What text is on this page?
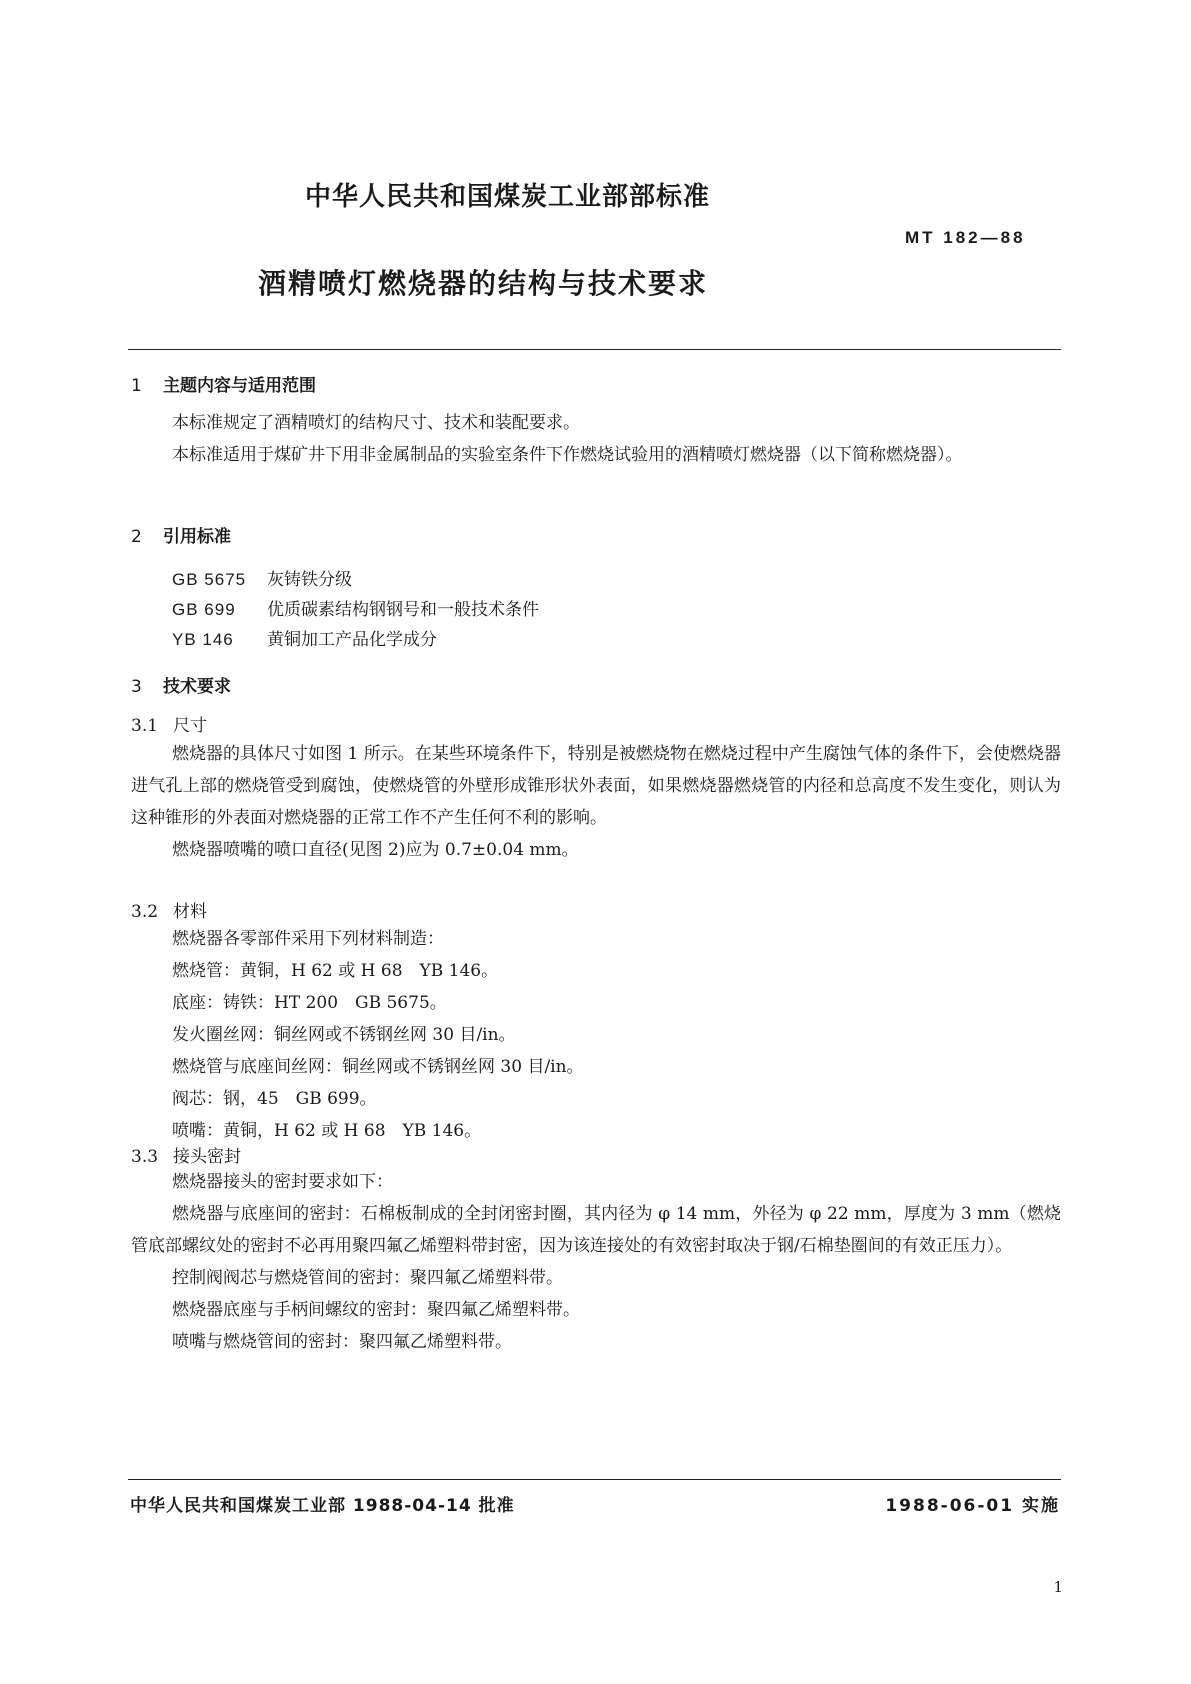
中华人民共和国煤炭工业部部标准
MT 182—88
酒精喷灯燃烧器的结构与技术要求
1 主题内容与适用范围

本标准规定了酒精喷灯的结构尺寸、技术和装配要求。

本标准适用于煤矿井下用非金属制品的实验室条件下作燃烧试验用的酒精喷灯燃烧器（以下简称燃烧器）。

2 引用标准
GB 5675 灰铸铁分级
GB 699 优质碳素结构钢钢号和一般技术条件
YB 146 黄铜加工产品化学成分
3 技术要求
3.1 尺寸

燃烧器的具体尺寸如图 1 所示。在某些环境条件下，特别是被燃烧物在燃烧过程中产生腐蚀气体的条件下，会使燃烧器进气孔上部的燃烧管受到腐蚀，使燃烧管的外壁形成锥形状外表面，如果燃烧器燃烧管的内径和总高度不发生变化，则认为这种锥形的外表面对燃烧器的正常工作不产生任何不利的影响。

燃烧器喷嘴的喷口直径(见图 2)应为 0.7±0.04 mm。

3.2 材料

燃烧器各零部件采用下列材料制造：

燃烧管：黄铜，H 62 或 H 68　YB 146。

底座：铸铁：HT 200　GB 5675。

发火圈丝网：铜丝网或不锈钢丝网 30 目/in。

燃烧管与底座间丝网：铜丝网或不锈钢丝网 30 目/in。

阀芯：钢，45　GB 699。

喷嘴：黄铜，H 62 或 H 68　YB 146。

3.3 接头密封

燃烧器接头的密封要求如下：

燃烧器与底座间的密封：石棉板制成的全封闭密封圈，其内径为 φ 14 mm，外径为 φ 22 mm，厚度为 3 mm（燃烧管底部螺纹处的密封不必再用聚四氟乙烯塑料带封密，因为该连接处的有效密封取决于钢/石棉垫圈间的有效正压力）。

控制阀阀芯与燃烧管间的密封：聚四氟乙烯塑料带。

燃烧器底座与手柄间螺纹的密封：聚四氟乙烯塑料带。

喷嘴与燃烧管间的密封：聚四氟乙烯塑料带。

中华人民共和国煤炭工业部 1988-04-14 批准	1988-06-01 实施
1
